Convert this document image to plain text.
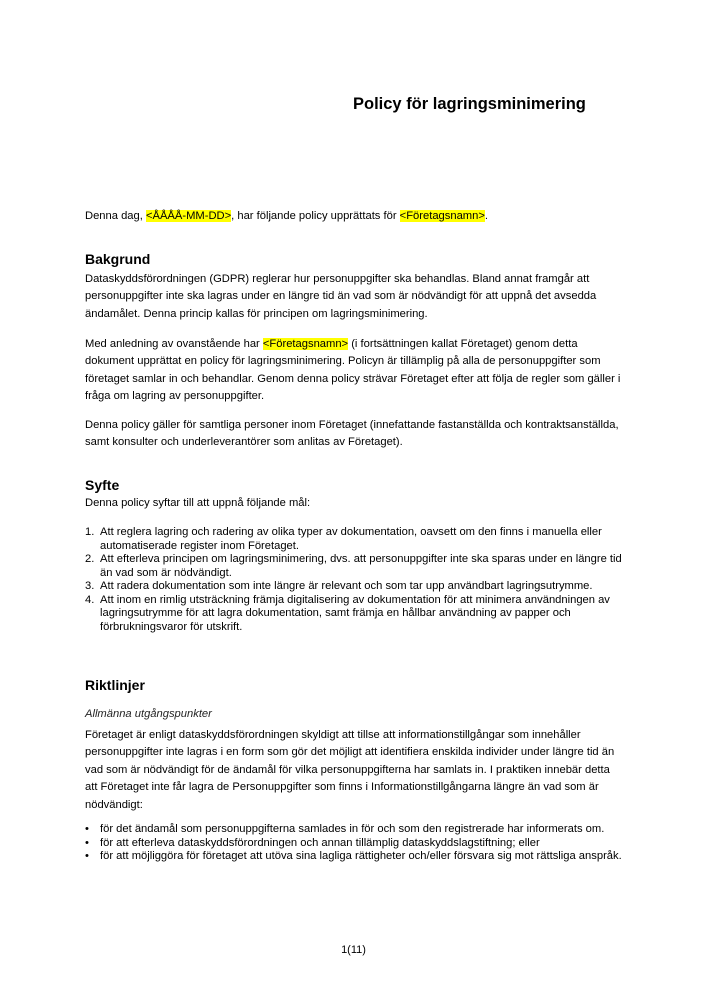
Policy för lagringsminimering

Denna dag, <ÅÅÅÅ-MM-DD>, har följande policy upprättats för <Företagsnamn>.

Bakgrund

Dataskyddsförordningen (GDPR) reglerar hur personuppgifter ska behandlas. Bland annat framgår att personuppgifter inte ska lagras under en längre tid än vad som är nödvändigt för att uppnå det avsedda ändamålet. Denna princip kallas för principen om lagringsminimering.

Med anledning av ovanstående har <Företagsnamn> (i fortsättningen kallat Företaget) genom detta dokument upprättat en policy för lagringsminimering. Policyn är tillämplig på alla de personuppgifter som företaget samlar in och behandlar. Genom denna policy strävar Företaget efter att följa de regler som gäller i fråga om lagring av personuppgifter.

Denna policy gäller för samtliga personer inom Företaget (innefattande fastanställda och kontraktsanställda, samt konsulter och underleverantörer som anlitas av Företaget).

Syfte

Denna policy syftar till att uppnå följande mål:

1. Att reglera lagring och radering av olika typer av dokumentation, oavsett om den finns i manuella eller automatiserade register inom Företaget.
2. Att efterleva principen om lagringsminimering, dvs. att personuppgifter inte ska sparas under en längre tid än vad som är nödvändigt.
3. Att radera dokumentation som inte längre är relevant och som tar upp användbart lagringsutrymme.
4. Att inom en rimlig utsträckning främja digitalisering av dokumentation för att minimera användningen av lagringsutrymme för att lagra dokumentation, samt främja en hållbar användning av papper och förbrukningsvaror för utskrift.
Riktlinjer

Allmänna utgångspunkter

Företaget är enligt dataskyddsförordningen skyldigt att tillse att informationstillgångar som innehåller personuppgifter inte lagras i en form som gör det möjligt att identifiera enskilda individer under längre tid än vad som är nödvändigt för de ändamål för vilka personuppgifterna har samlats in. I praktiken innebär detta att Företaget inte får lagra de Personuppgifter som finns i Informationstillgångarna längre än vad som är nödvändigt:

• för det ändamål som personuppgifterna samlades in för och som den registrerade har informerats om.
• för att efterleva dataskyddsförordningen och annan tillämplig dataskyddslagstiftning; eller
• för att möjliggöra för företaget att utöva sina lagliga rättigheter och/eller försvara sig mot rättsliga anspråk.
1(11)
